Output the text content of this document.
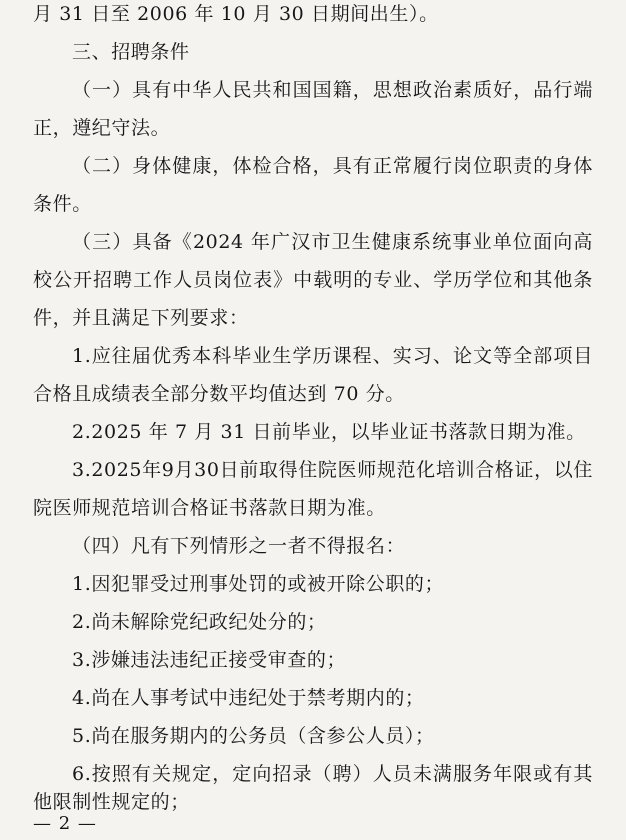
月 31 日至 2006 年 10 月 30 日期间出生）。
三、招聘条件
（一）具有中华人民共和国国籍，思想政治素质好，品行端
正，遵纪守法。
（二）身体健康，体检合格，具有正常履行岗位职责的身体
条件。
（三）具备《2024 年广汉市卫生健康系统事业单位面向高
校公开招聘工作人员岗位表》中载明的专业、学历学位和其他条
件，并且满足下列要求：
1.应往届优秀本科毕业生学历课程、实习、论文等全部项目
合格且成绩表全部分数平均值达到 70 分。
2.2025 年 7 月 31 日前毕业，以毕业证书落款日期为准。
3.2025年9月30日前取得住院医师规范化培训合格证，以住
院医师规范培训合格证书落款日期为准。
（四）凡有下列情形之一者不得报名：
1.因犯罪受过刑事处罚的或被开除公职的；
2.尚未解除党纪政纪处分的；
3.涉嫌违法违纪正接受审查的；
4.尚在人事考试中违纪处于禁考期内的；
5.尚在服务期内的公务员（含参公人员）；
6.按照有关规定，定向招录（聘）人员未满服务年限或有其
他限制性规定的；
— 2 —
